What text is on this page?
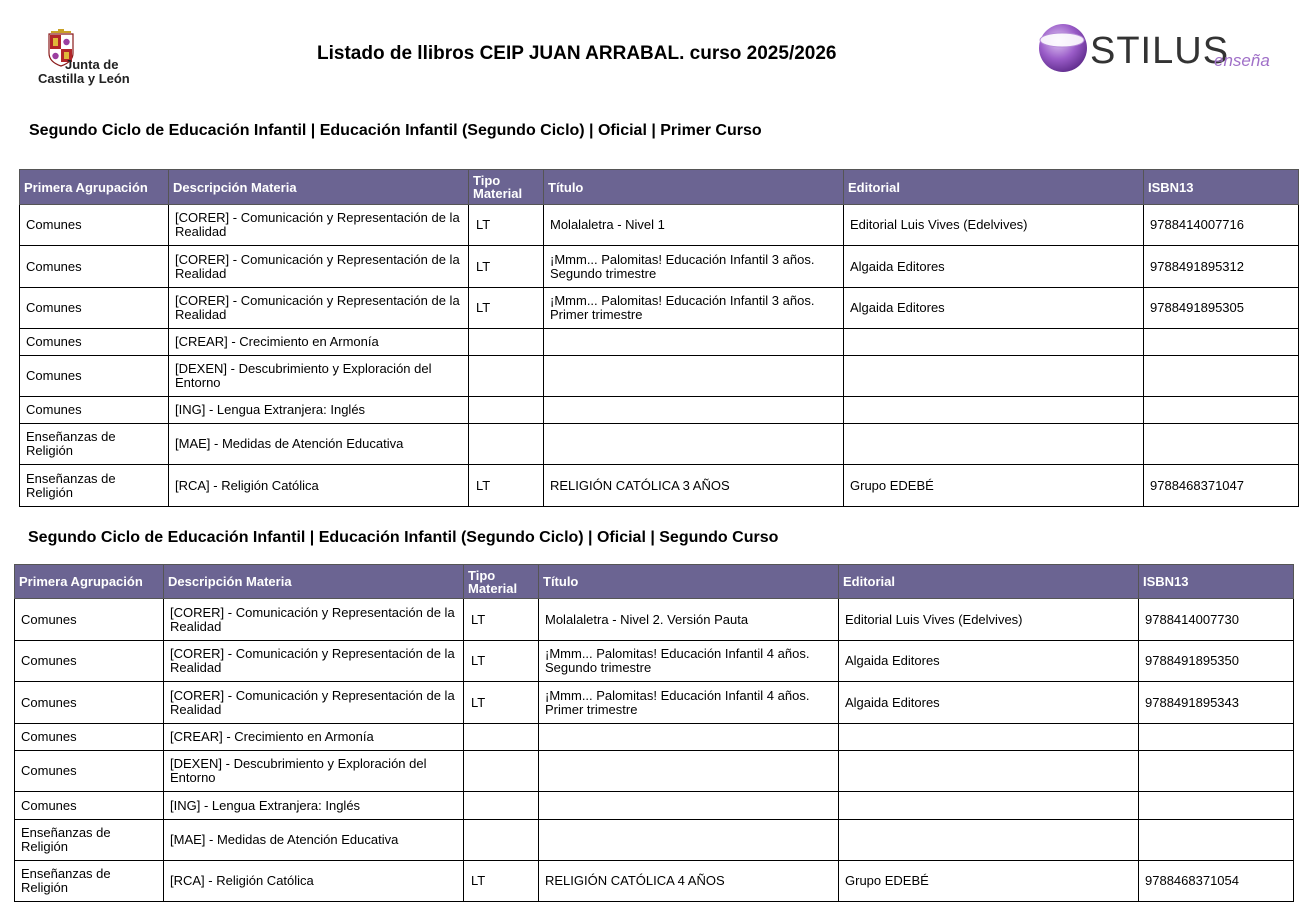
Junta de
Castilla y León
Listado de llibros CEIP JUAN ARRABAL. curso 2025/2026	STILUS
enseña
Segundo Ciclo de Educación Infantil | Educación Infantil (Segundo Ciclo) | Oficial | Primer Curso
Primera Agrupación	Descripción Materia	Tipo Material	Título	Editorial	ISBN13
Comunes	[CORER] - Comunicación y Representación de la Realidad	LT	Molalaletra - Nivel 1	Editorial Luis Vives (Edelvives)	9788414007716
Comunes	[CORER] - Comunicación y Representación de la Realidad	LT	¡Mmm... Palomitas! Educación Infantil 3 años. Segundo trimestre	Algaida Editores	9788491895312
Comunes	[CORER] - Comunicación y Representación de la Realidad	LT	¡Mmm... Palomitas! Educación Infantil 3 años. Primer trimestre	Algaida Editores	9788491895305
Comunes	[CREAR] - Crecimiento en Armonía				
Comunes	[DEXEN] - Descubrimiento y Exploración del Entorno				
Comunes	[ING] - Lengua Extranjera: Inglés				
Enseñanzas de Religión	[MAE] - Medidas de Atención Educativa				
Enseñanzas de Religión	[RCA] - Religión Católica	LT	RELIGIÓN CATÓLICA 3 AÑOS	Grupo EDEBÉ	9788468371047
Segundo Ciclo de Educación Infantil | Educación Infantil (Segundo Ciclo) | Oficial | Segundo Curso
Primera Agrupación	Descripción Materia	Tipo Material	Título	Editorial	ISBN13
Comunes	[CORER] - Comunicación y Representación de la Realidad	LT	Molalaletra - Nivel 2. Versión Pauta	Editorial Luis Vives (Edelvives)	9788414007730
Comunes	[CORER] - Comunicación y Representación de la Realidad	LT	¡Mmm... Palomitas! Educación Infantil 4 años. Segundo trimestre	Algaida Editores	9788491895350
Comunes	[CORER] - Comunicación y Representación de la Realidad	LT	¡Mmm... Palomitas! Educación Infantil 4 años. Primer trimestre	Algaida Editores	9788491895343
Comunes	[CREAR] - Crecimiento en Armonía				
Comunes	[DEXEN] - Descubrimiento y Exploración del Entorno				
Comunes	[ING] - Lengua Extranjera: Inglés				
Enseñanzas de Religión	[MAE] - Medidas de Atención Educativa				
Enseñanzas de Religión	[RCA] - Religión Católica	LT	RELIGIÓN CATÓLICA 4 AÑOS	Grupo EDEBÉ	9788468371054
